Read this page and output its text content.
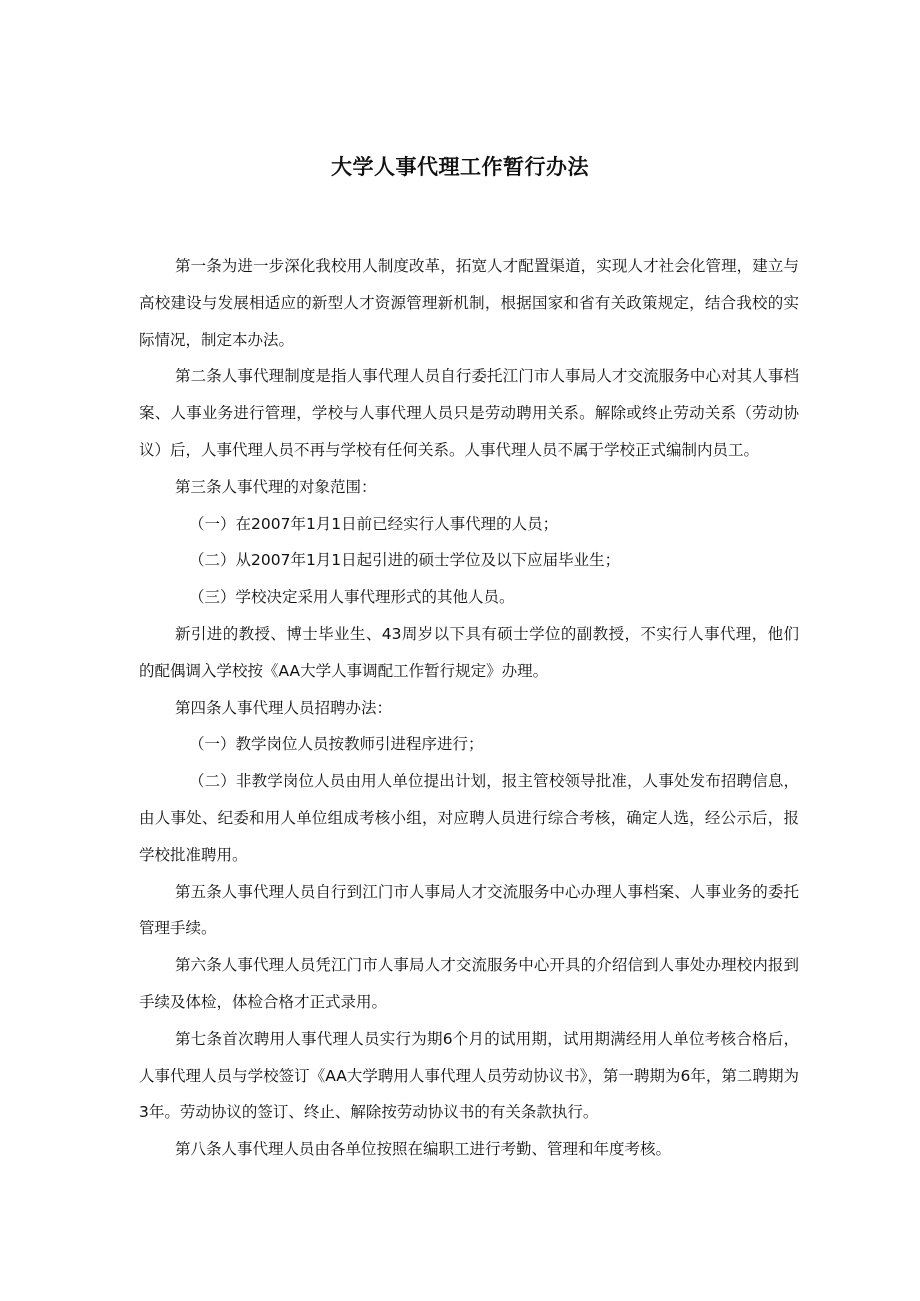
大学人事代理工作暂行办法

第一条为进一步深化我校用人制度改革，拓宽人才配置渠道，实现人才社会化管理，建立与高校建设与发展相适应的新型人才资源管理新机制，根据国家和省有关政策规定，结合我校的实际情况，制定本办法。

第二条人事代理制度是指人事代理人员自行委托江门市人事局人才交流服务中心对其人事档案、人事业务进行管理，学校与人事代理人员只是劳动聘用关系。解除或终止劳动关系（劳动协议）后，人事代理人员不再与学校有任何关系。人事代理人员不属于学校正式编制内员工。

第三条人事代理的对象范围：

（一）在2007年1月1日前已经实行人事代理的人员；

（二）从2007年1月1日起引进的硕士学位及以下应届毕业生；

（三）学校决定采用人事代理形式的其他人员。

新引进的教授、博士毕业生、43周岁以下具有硕士学位的副教授，不实行人事代理，他们的配偶调入学校按《AA大学人事调配工作暂行规定》办理。

第四条人事代理人员招聘办法：

（一）教学岗位人员按教师引进程序进行；

（二）非教学岗位人员由用人单位提出计划，报主管校领导批准，人事处发布招聘信息，由人事处、纪委和用人单位组成考核小组，对应聘人员进行综合考核，确定人选，经公示后，报学校批准聘用。

第五条人事代理人员自行到江门市人事局人才交流服务中心办理人事档案、人事业务的委托管理手续。

第六条人事代理人员凭江门市人事局人才交流服务中心开具的介绍信到人事处办理校内报到手续及体检，体检合格才正式录用。

第七条首次聘用人事代理人员实行为期6个月的试用期，试用期满经用人单位考核合格后，人事代理人员与学校签订《AA大学聘用人事代理人员劳动协议书》，第一聘期为6年，第二聘期为3年。劳动协议的签订、终止、解除按劳动协议书的有关条款执行。

第八条人事代理人员由各单位按照在编职工进行考勤、管理和年度考核。
